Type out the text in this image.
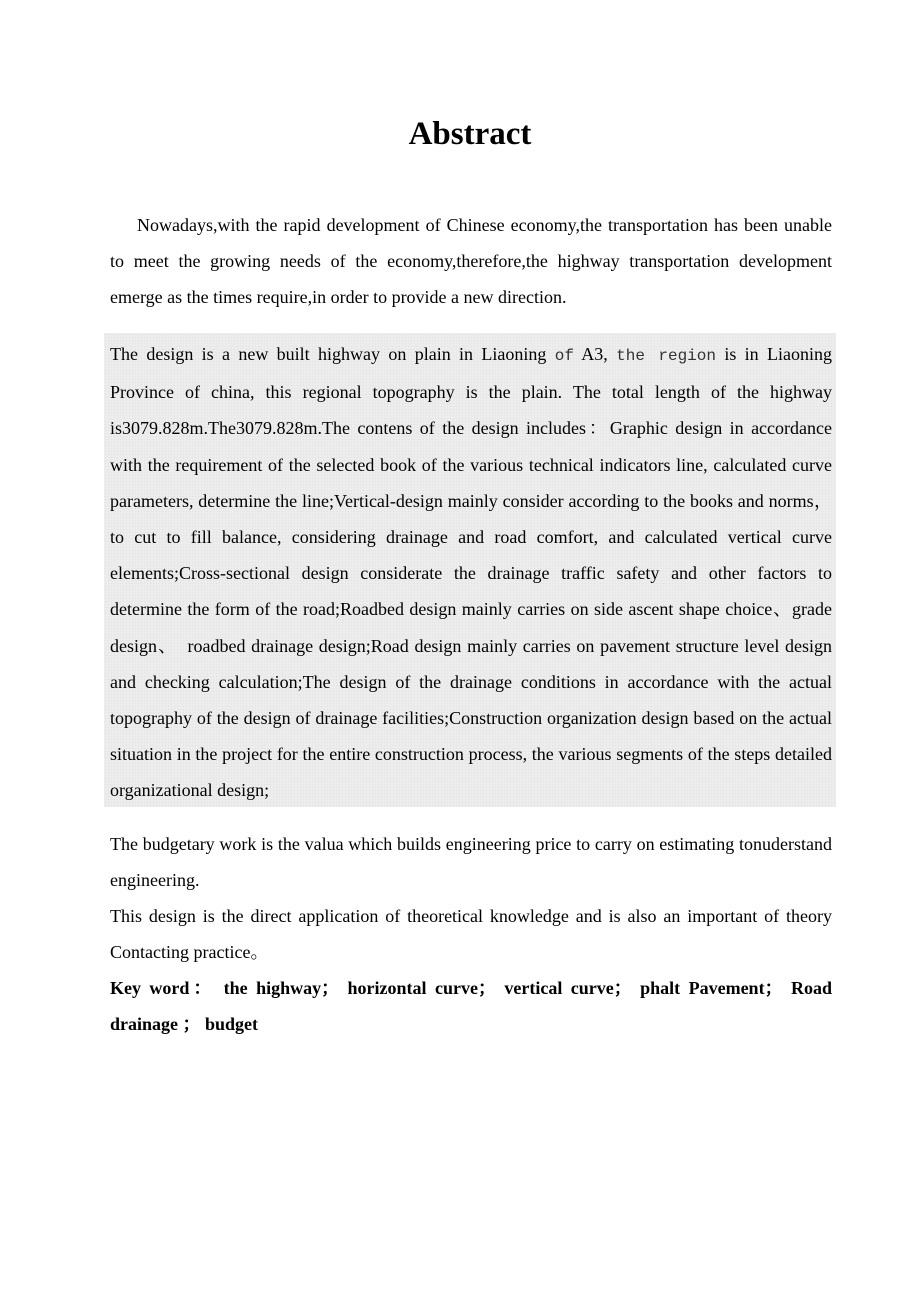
Abstract
Nowadays,with the rapid development of Chinese economy,the transportation has been unable to meet the growing needs of the economy,therefore,the highway transportation development emerge as the times require,in order to provide a new direction.
The design is a new built highway on plain in Liaoning of A3, the region is in Liaoning Province of china, this regional topography is the plain. The total length of the highway is3079.828m.The3079.828m.The contens of the design includes：Graphic design in accordance with the requirement of the selected book of the various technical indicators line, calculated curve parameters, determine the line;Vertical-design mainly consider according to the books and norms，to cut to fill balance, considering drainage and road comfort, and calculated vertical curve elements;Cross-sectional design considerate the drainage traffic safety and other factors to determine the form of the road;Roadbed design mainly carries on side ascent shape choice、grade design、　roadbed drainage design;Road design mainly carries on pavement structure level design and checking calculation;The design of the drainage conditions in accordance with the actual topography of the design of drainage facilities;Construction organization design based on the actual situation in the project for the entire construction process, the various segments of the steps detailed organizational design;
The budgetary work is the valua which builds engineering price to carry on estimating tonuderstand engineering.
This design is the direct application of theoretical knowledge and is also an important of theory Contacting practice。
Key word： the highway； horizontal curve； vertical curve； phalt Pavement； Road drainage ； budget
